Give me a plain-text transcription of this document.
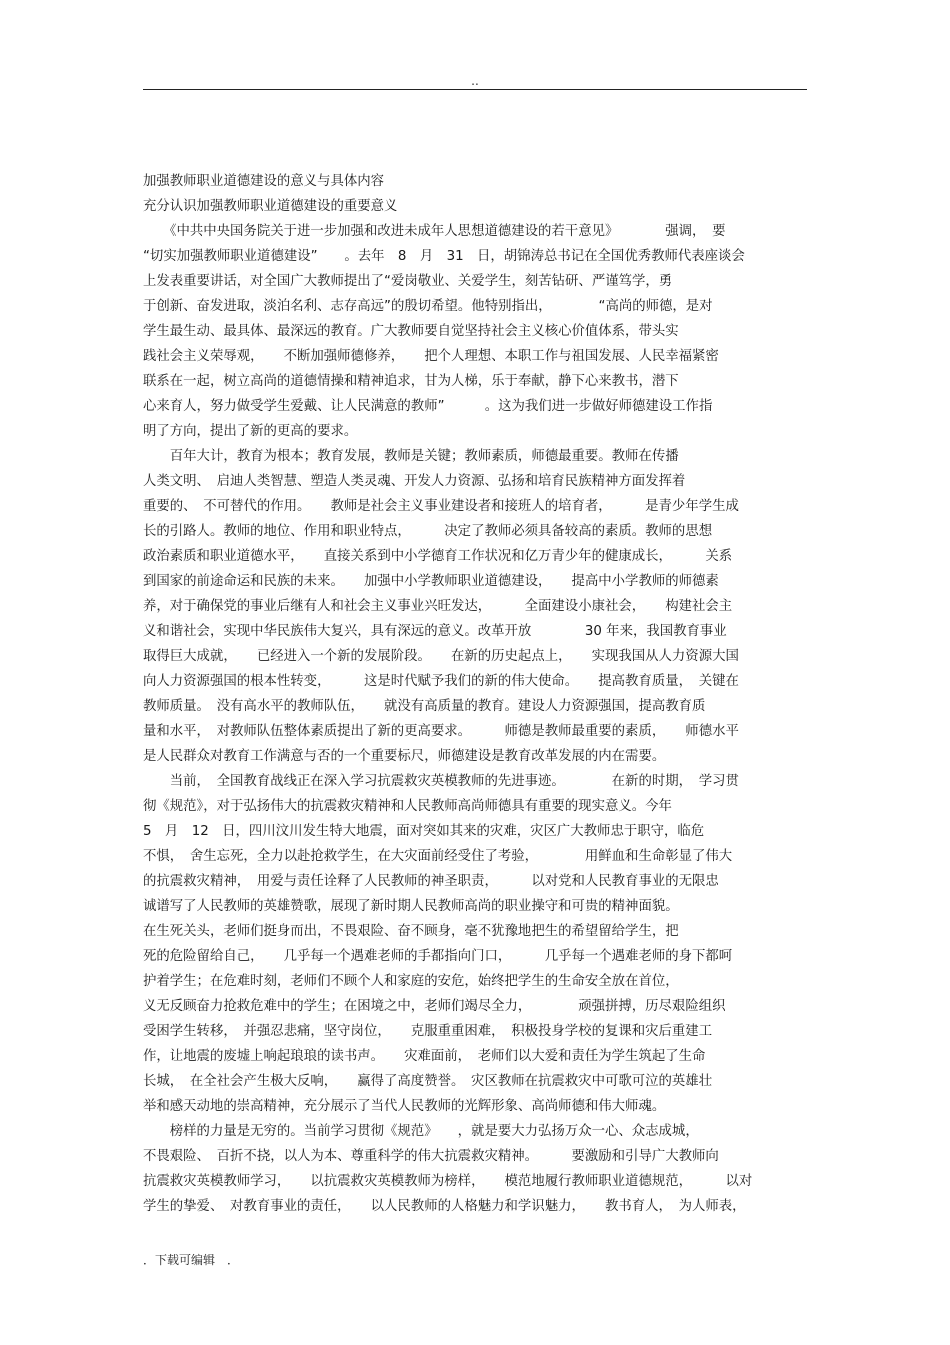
..
加强教师职业道德建设的意义与具体内容
充分认识加强教师职业道德建设的重要意义
　　《中共中央国务院关于进一步加强和改进未成年人思想道德建设的若干意见》　　　　强调，　要
“切实加强教师职业道德建设”　　。去年　8　月　31　日，胡锦涛总书记在全国优秀教师代表座谈会
上发表重要讲话，对全国广大教师提出了“爱岗敬业、关爱学生，刻苦钻研、严谨笃学，勇
于创新、奋发进取，淡泊名利、志存高远”的殷切希望。他特别指出，　　　　“高尚的师德，是对
学生最生动、最具体、最深远的教育。广大教师要自觉坚持社会主义核心价值体系，带头实
践社会主义荣辱观，　　不断加强师德修养，　　把个人理想、本职工作与祖国发展、人民幸福紧密
联系在一起，树立高尚的道德情操和精神追求，甘为人梯，乐于奉献，静下心来教书，潜下
心来育人，努力做受学生爱戴、让人民满意的教师”　　　。这为我们进一步做好师德建设工作指
明了方向，提出了新的更高的要求。
　　百年大计，教育为根本；教育发展，教师是关键；教师素质，师德最重要。教师在传播
人类文明、　启迪人类智慧、塑造人类灵魂、开发人力资源、弘扬和培育民族精神方面发挥着
重要的、　不可替代的作用。　　教师是社会主义事业建设者和接班人的培育者，　　　是青少年学生成
长的引路人。教师的地位、作用和职业特点，　　　决定了教师必须具备较高的素质。教师的思想
政治素质和职业道德水平，　　直接关系到中小学德育工作状况和亿万青少年的健康成长，　　　关系
到国家的前途命运和民族的未来。　　加强中小学教师职业道德建设，　　提高中小学教师的师德素
养，对于确保党的事业后继有人和社会主义事业兴旺发达，　　　全面建设小康社会，　　构建社会主
义和谐社会，实现中华民族伟大复兴，具有深远的意义。改革开放　　　　30 年来，我国教育事业
取得巨大成就，　　已经进入一个新的发展阶段。　　在新的历史起点上，　　实现我国从人力资源大国
向人力资源强国的根本性转变，　　　这是时代赋予我们的新的伟大使命。　　提高教育质量，　关键在
教师质量。　没有高水平的教师队伍，　　就没有高质量的教育。建设人力资源强国，提高教育质
量和水平，　对教师队伍整体素质提出了新的更高要求。　　　师德是教师最重要的素质，　　师德水平
是人民群众对教育工作满意与否的一个重要标尺，师德建设是教育改革发展的内在需要。
　　当前，　全国教育战线正在深入学习抗震救灾英模教师的先进事迹。　　　　在新的时期，　学习贯
彻《规范》，对于弘扬伟大的抗震救灾精神和人民教师高尚师德具有重要的现实意义。今年
5　月　12　日，四川汶川发生特大地震，面对突如其来的灾难，灾区广大教师忠于职守，临危
不惧，　舍生忘死，全力以赴抢救学生，在大灾面前经受住了考验，　　　　用鲜血和生命彰显了伟大
的抗震救灾精神，　用爱与责任诠释了人民教师的神圣职责，　　　以对党和人民教育事业的无限忠
诚谱写了人民教师的英雄赞歌，展现了新时期人民教师高尚的职业操守和可贵的精神面貌。
在生死关头，老师们挺身而出，不畏艰险、奋不顾身，毫不犹豫地把生的希望留给学生，把
死的危险留给自己，　　几乎每一个遇难老师的手都指向门口，　　　几乎每一个遇难老师的身下都呵
护着学生；在危难时刻，老师们不顾个人和家庭的安危，始终把学生的生命安全放在首位，
义无反顾奋力抢救危难中的学生；在困境之中，老师们竭尽全力，　　　　顽强拼搏，历尽艰险组织
受困学生转移，　并强忍悲痛，坚守岗位，　　克服重重困难，　积极投身学校的复课和灾后重建工
作，让地震的废墟上响起琅琅的读书声。　　灾难面前，　老师们以大爱和责任为学生筑起了生命
长城，　在全社会产生极大反响，　　赢得了高度赞誉。　灾区教师在抗震救灾中可歌可泣的英雄壮
举和感天动地的崇高精神，充分展示了当代人民教师的光辉形象、高尚师德和伟大师魂。
　　榜样的力量是无穷的。当前学习贯彻《规范》　　，就是要大力弘扬万众一心、众志成城，
不畏艰险、　百折不挠，以人为本、尊重科学的伟大抗震救灾精神。　　　要激励和引导广大教师向
抗震救灾英模教师学习，　　以抗震救灾英模教师为榜样，　　模范地履行教师职业道德规范，　　　以对
学生的挚爱、　对教育事业的责任，　　以人民教师的人格魅力和学识魅力，　　教书育人，　为人师表，
．下载可编辑　．
